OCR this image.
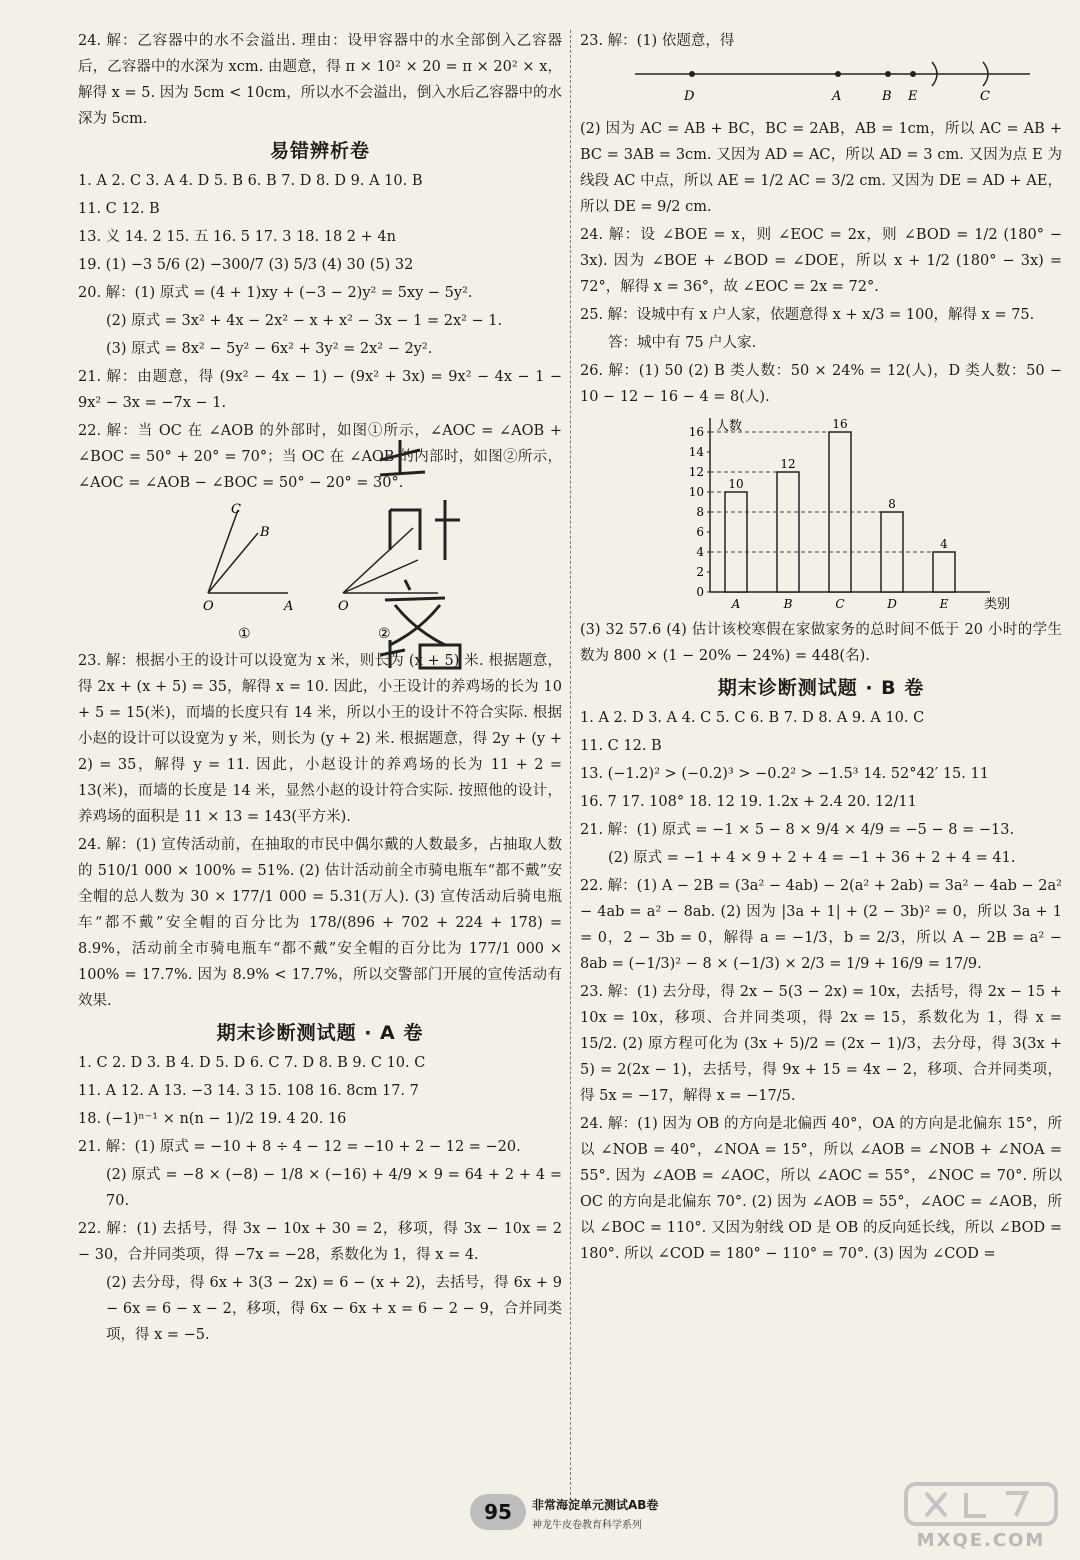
24. 解：乙容器中的水不会溢出. 理由：设甲容器中的水全部倒入乙容器后，乙容器中的水深为 xcm. 由题意，得 π × 10² × 20 = π × 20² × x，解得 x = 5. 因为 5cm < 10cm，所以水不会溢出，倒入水后乙容器中的水深为 5cm.

易错辨析卷

1. A 2. C 3. A 4. D 5. B 6. B 7. D 8. D 9. A 10. B

11. C 12. B

13. 义 14. 2 15. 五 16. 5 17. 3 18. 18 2 + 4n

19. (1) −3 5/6 (2) −300/7 (3) 5/3 (4) 30 (5) 32

20. 解：(1) 原式 = (4 + 1)xy + (−3 − 2)y² = 5xy − 5y².

(2) 原式 = 3x² + 4x − 2x² − x + x² − 3x − 1 = 2x² − 1.

(3) 原式 = 8x² − 5y² − 6x² + 3y² = 2x² − 2y².

21. 解：由题意，得 (9x² − 4x − 1) − (9x² + 3x) = 9x² − 4x − 1 − 9x² − 3x = −7x − 1.

22. 解：当 OC 在 ∠AOB 的外部时，如图①所示，∠AOC = ∠AOB + ∠BOC = 50° + 20° = 70°；当 OC 在 ∠AOB 的内部时，如图②所示，∠AOC = ∠AOB − ∠BOC = 50° − 20° = 30°.

C
B
O	A
①
O
②

23. 解：根据小王的设计可以设宽为 x 米，则长为 (x + 5) 米. 根据题意，得 2x + (x + 5) = 35，解得 x = 10. 因此，小王设计的养鸡场的长为 10 + 5 = 15(米)，而墙的长度只有 14 米，所以小王的设计不符合实际. 根据小赵的设计可以设宽为 y 米，则长为 (y + 2) 米. 根据题意，得 2y + (y + 2) = 35，解得 y = 11. 因此，小赵设计的养鸡场的长为 11 + 2 = 13(米)，而墙的长度是 14 米，显然小赵的设计符合实际. 按照他的设计，养鸡场的面积是 11 × 13 = 143(平方米).

24. 解：(1) 宣传活动前，在抽取的市民中偶尔戴的人数最多，占抽取人数的 510/1 000 × 100% = 51%. (2) 估计活动前全市骑电瓶车“都不戴”安全帽的总人数为 30 × 177/1 000 = 5.31(万人). (3) 宣传活动后骑电瓶车“都不戴”安全帽的百分比为 178/(896 + 702 + 224 + 178) = 8.9%，活动前全市骑电瓶车“都不戴”安全帽的百分比为 177/1 000 × 100% = 17.7%. 因为 8.9% < 17.7%，所以交警部门开展的宣传活动有效果.

期末诊断测试题 · A 卷

1. C 2. D 3. B 4. D 5. D 6. C 7. D 8. B 9. C 10. C

11. A 12. A 13. −3 14. 3 15. 108 16. 8cm 17. 7

18. (−1)ⁿ⁻¹ × n(n − 1)/2 19. 4 20. 16

21. 解：(1) 原式 = −10 + 8 ÷ 4 − 12 = −10 + 2 − 12 = −20.

(2) 原式 = −8 × (−8) − 1/8 × (−16) + 4/9 × 9 = 64 + 2 + 4 = 70.

22. 解：(1) 去括号，得 3x − 10x + 30 = 2，移项，得 3x − 10x = 2 − 30，合并同类项，得 −7x = −28，系数化为 1，得 x = 4.

(2) 去分母，得 6x + 3(3 − 2x) = 6 − (x + 2)，去括号，得 6x + 9 − 6x = 6 − x − 2，移项，得 6x − 6x + x = 6 − 2 − 9，合并同类项，得 x = −5.

23. 解：(1) 依题意，得

D	A	B E	C

(2) 因为 AC = AB + BC，BC = 2AB，AB = 1cm，所以 AC = AB + BC = 3AB = 3cm. 又因为 AD = AC，所以 AD = 3 cm. 又因为点 E 为线段 AC 中点，所以 AE = 1/2 AC = 3/2 cm. 又因为 DE = AD + AE，所以 DE = 9/2 cm.

24. 解：设 ∠BOE = x，则 ∠EOC = 2x，则 ∠BOD = 1/2 (180° − 3x). 因为 ∠BOE + ∠BOD = ∠DOE，所以 x + 1/2 (180° − 3x) = 72°，解得 x = 36°，故 ∠EOC = 2x = 72°.

25. 解：设城中有 x 户人家，依题意得 x + x/3 = 100，解得 x = 75.

答：城中有 75 户人家.

26. 解：(1) 50 (2) B 类人数：50 × 24% = 12(人)，D 类人数：50 − 10 − 12 − 16 − 4 = 8(人).

人数
类别
0
2
4
6
8
10
12
14
16
10
A
12
B
16
C
8
D
4
E

(3) 32 57.6 (4) 估计该校寒假在家做家务的总时间不低于 20 小时的学生数为 800 × (1 − 20% − 24%) = 448(名).

期末诊断测试题 · B 卷

1. A 2. D 3. A 4. C 5. C 6. B 7. D 8. A 9. A 10. C

11. C 12. B

13. (−1.2)² > (−0.2)³ > −0.2² > −1.5³ 14. 52°42′ 15. 11

16. 7 17. 108° 18. 12 19. 1.2x + 2.4 20. 12/11

21. 解：(1) 原式 = −1 × 5 − 8 × 9/4 × 4/9 = −5 − 8 = −13.

(2) 原式 = −1 + 4 × 9 + 2 + 4 = −1 + 36 + 2 + 4 = 41.

22. 解：(1) A − 2B = (3a² − 4ab) − 2(a² + 2ab) = 3a² − 4ab − 2a² − 4ab = a² − 8ab. (2) 因为 |3a + 1| + (2 − 3b)² = 0，所以 3a + 1 = 0，2 − 3b = 0，解得 a = −1/3，b = 2/3，所以 A − 2B = a² − 8ab = (−1/3)² − 8 × (−1/3) × 2/3 = 1/9 + 16/9 = 17/9.

23. 解：(1) 去分母，得 2x − 5(3 − 2x) = 10x，去括号，得 2x − 15 + 10x = 10x，移项、合并同类项，得 2x = 15，系数化为 1，得 x = 15/2. (2) 原方程可化为 (3x + 5)/2 = (2x − 1)/3，去分母，得 3(3x + 5) = 2(2x − 1)，去括号，得 9x + 15 = 4x − 2，移项、合并同类项，得 5x = −17，解得 x = −17/5.

24. 解：(1) 因为 OB 的方向是北偏西 40°，OA 的方向是北偏东 15°，所以 ∠NOB = 40°，∠NOA = 15°，所以 ∠AOB = ∠NOB + ∠NOA = 55°. 因为 ∠AOB = ∠AOC，所以 ∠AOC = 55°，∠NOC = 70°. 所以 OC 的方向是北偏东 70°. (2) 因为 ∠AOB = 55°，∠AOC = ∠AOB，所以 ∠BOC = 110°. 又因为射线 OD 是 OB 的反向延长线，所以 ∠BOD = 180°. 所以 ∠COD = 180° − 110° = 70°. (3) 因为 ∠COD =

95	非常海淀单元测试AB卷
神龙牛皮卷教育科学系列
MXQE.COM
